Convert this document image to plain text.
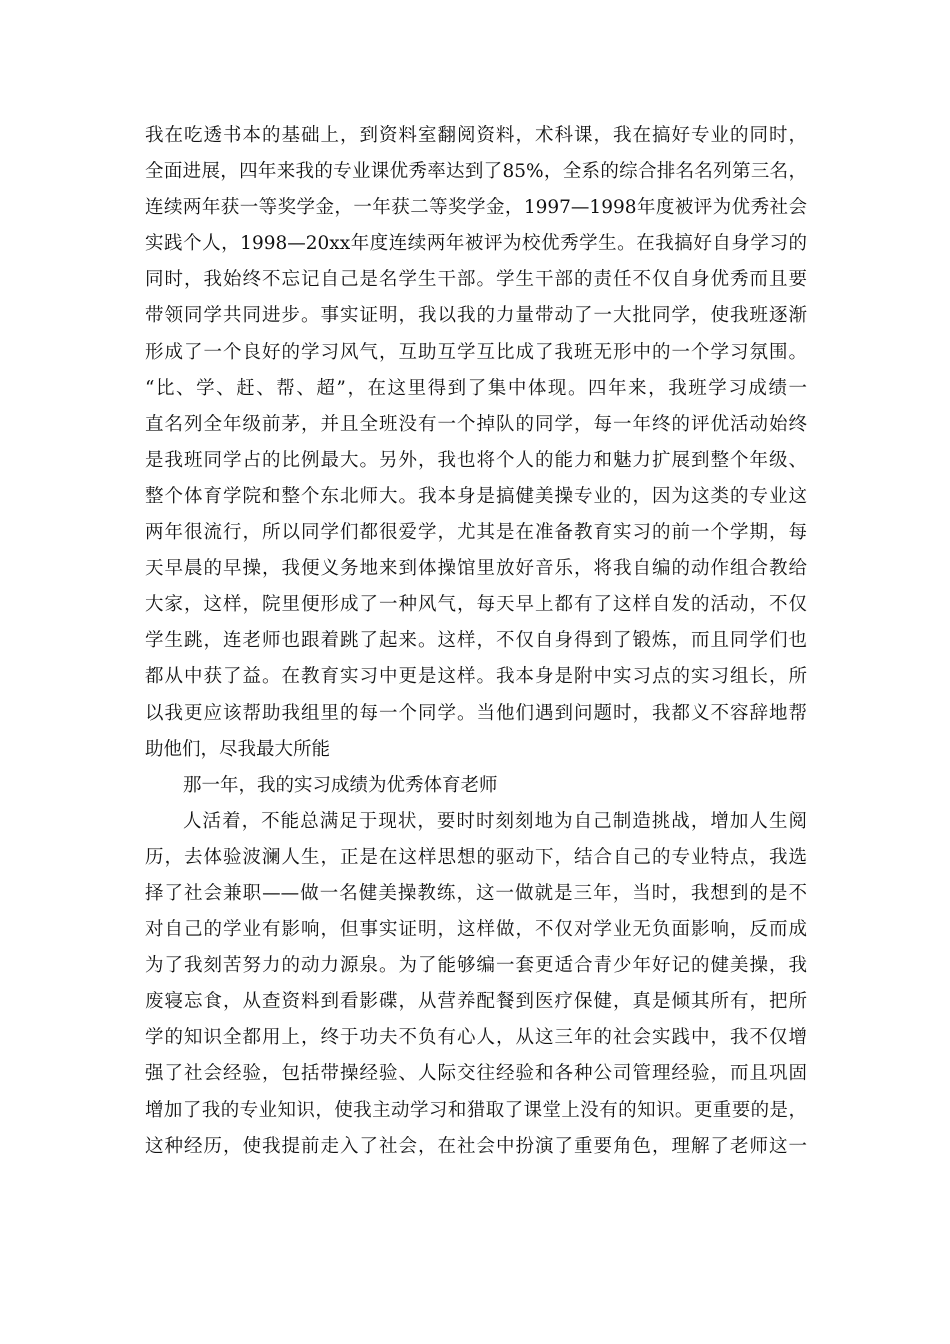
我在吃透书本的基础上，到资料室翻阅资料，术科课，我在搞好专业的同时，
全面进展，四年来我的专业课优秀率达到了85%，全系的综合排名名列第三名，
连续两年获一等奖学金，一年获二等奖学金，1997—1998年度被评为优秀社会
实践个人，1998—20xx年度连续两年被评为校优秀学生。在我搞好自身学习的
同时，我始终不忘记自己是名学生干部。学生干部的责任不仅自身优秀而且要
带领同学共同进步。事实证明，我以我的力量带动了一大批同学，使我班逐渐
形成了一个良好的学习风气，互助互学互比成了我班无形中的一个学习氛围。
“比、学、赶、帮、超”，在这里得到了集中体现。四年来，我班学习成绩一
直名列全年级前茅，并且全班没有一个掉队的同学，每一年终的评优活动始终
是我班同学占的比例最大。另外，我也将个人的能力和魅力扩展到整个年级、
整个体育学院和整个东北师大。我本身是搞健美操专业的，因为这类的专业这
两年很流行，所以同学们都很爱学，尤其是在准备教育实习的前一个学期，每
天早晨的早操，我便义务地来到体操馆里放好音乐，将我自编的动作组合教给
大家，这样，院里便形成了一种风气，每天早上都有了这样自发的活动，不仅
学生跳，连老师也跟着跳了起来。这样，不仅自身得到了锻炼，而且同学们也
都从中获了益。在教育实习中更是这样。我本身是附中实习点的实习组长，所
以我更应该帮助我组里的每一个同学。当他们遇到问题时，我都义不容辞地帮
助他们，尽我最大所能
那一年，我的实习成绩为优秀体育老师
人活着，不能总满足于现状，要时时刻刻地为自己制造挑战，增加人生阅
历，去体验波澜人生，正是在这样思想的驱动下，结合自己的专业特点，我选
择了社会兼职——做一名健美操教练，这一做就是三年，当时，我想到的是不
对自己的学业有影响，但事实证明，这样做，不仅对学业无负面影响，反而成
为了我刻苦努力的动力源泉。为了能够编一套更适合青少年好记的健美操，我
废寝忘食，从查资料到看影碟，从营养配餐到医疗保健，真是倾其所有，把所
学的知识全都用上，终于功夫不负有心人，从这三年的社会实践中，我不仅增
强了社会经验，包括带操经验、人际交往经验和各种公司管理经验，而且巩固
增加了我的专业知识，使我主动学习和猎取了课堂上没有的知识。更重要的是，
这种经历，使我提前走入了社会，在社会中扮演了重要角色，理解了老师这一
